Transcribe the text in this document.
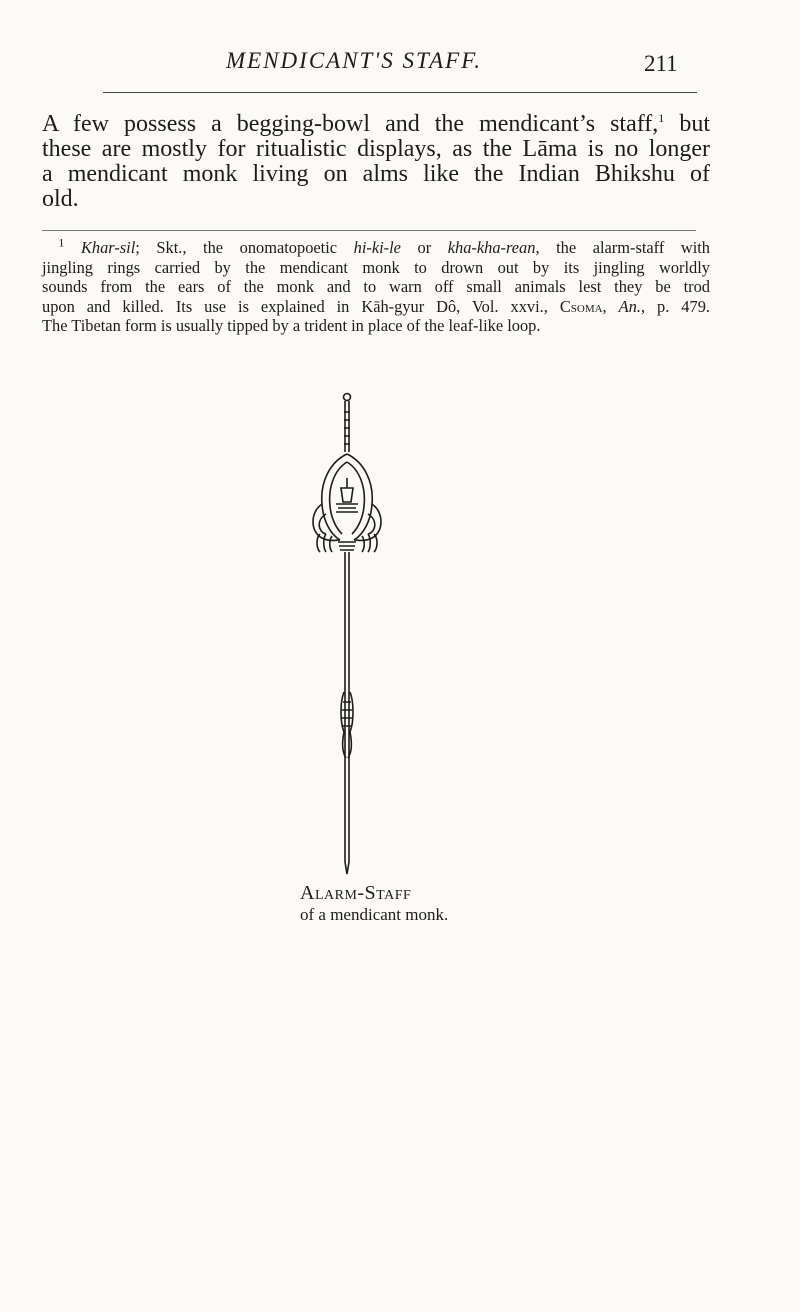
MENDICANT'S STAFF.	211

A few possess a begging-bowl and the mendicant’s staff,$^1$ but
these are mostly for ritualistic displays, as the Lāma is no longer
a mendicant monk living on alms like the Indian Bhikshu of
old.

 $^1$ Khar-sil; Skt., the onomatopoetic hi-ki-le or kha-kha-rean, the alarm-staff with
jingling rings carried by the mendicant monk to drown out by its jingling worldly
sounds from the ears of the monk and to warn off small animals lest they be trod
upon and killed. Its use is explained in Kāh-gyur Dô, Vol. xxvi., Csoma, An., p. 479.
The Tibetan form is usually tipped by a trident in place of the leaf-like loop.

Alarm-Staff
of a mendicant monk.
